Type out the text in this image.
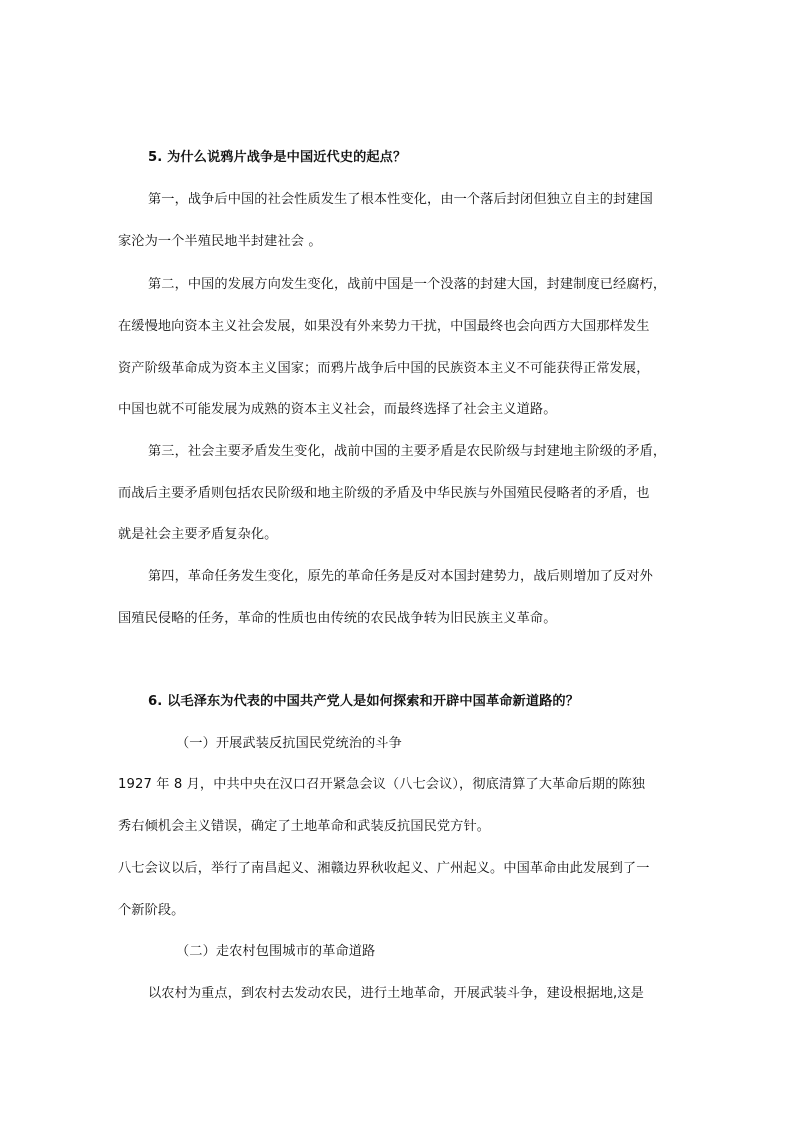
5. 为什么说鸦片战争是中国近代史的起点？
第一，战争后中国的社会性质发生了根本性变化，由一个落后封闭但独立自主的封建国
家沦为一个半殖民地半封建社会 。
第二，中国的发展方向发生变化，战前中国是一个没落的封建大国，封建制度已经腐朽，
在缓慢地向资本主义社会发展，如果没有外来势力干扰，中国最终也会向西方大国那样发生
资产阶级革命成为资本主义国家；而鸦片战争后中国的民族资本主义不可能获得正常发展，
中国也就不可能发展为成熟的资本主义社会，而最终选择了社会主义道路。
第三，社会主要矛盾发生变化，战前中国的主要矛盾是农民阶级与封建地主阶级的矛盾，
而战后主要矛盾则包括农民阶级和地主阶级的矛盾及中华民族与外国殖民侵略者的矛盾，也
就是社会主要矛盾复杂化。
第四，革命任务发生变化，原先的革命任务是反对本国封建势力，战后则增加了反对外
国殖民侵略的任务，革命的性质也由传统的农民战争转为旧民族主义革命。
6. 以毛泽东为代表的中国共产党人是如何探索和开辟中国革命新道路的？
（一）开展武装反抗国民党统治的斗争
1927 年 8 月，中共中央在汉口召开紧急会议（八七会议），彻底清算了大革命后期的陈独
秀右倾机会主义错误，确定了土地革命和武装反抗国民党方针。
八七会议以后，举行了南昌起义、湘赣边界秋收起义、广州起义。中国革命由此发展到了一
个新阶段。
（二）走农村包围城市的革命道路
以农村为重点，到农村去发动农民，进行土地革命，开展武装斗争，建设根据地,这是
